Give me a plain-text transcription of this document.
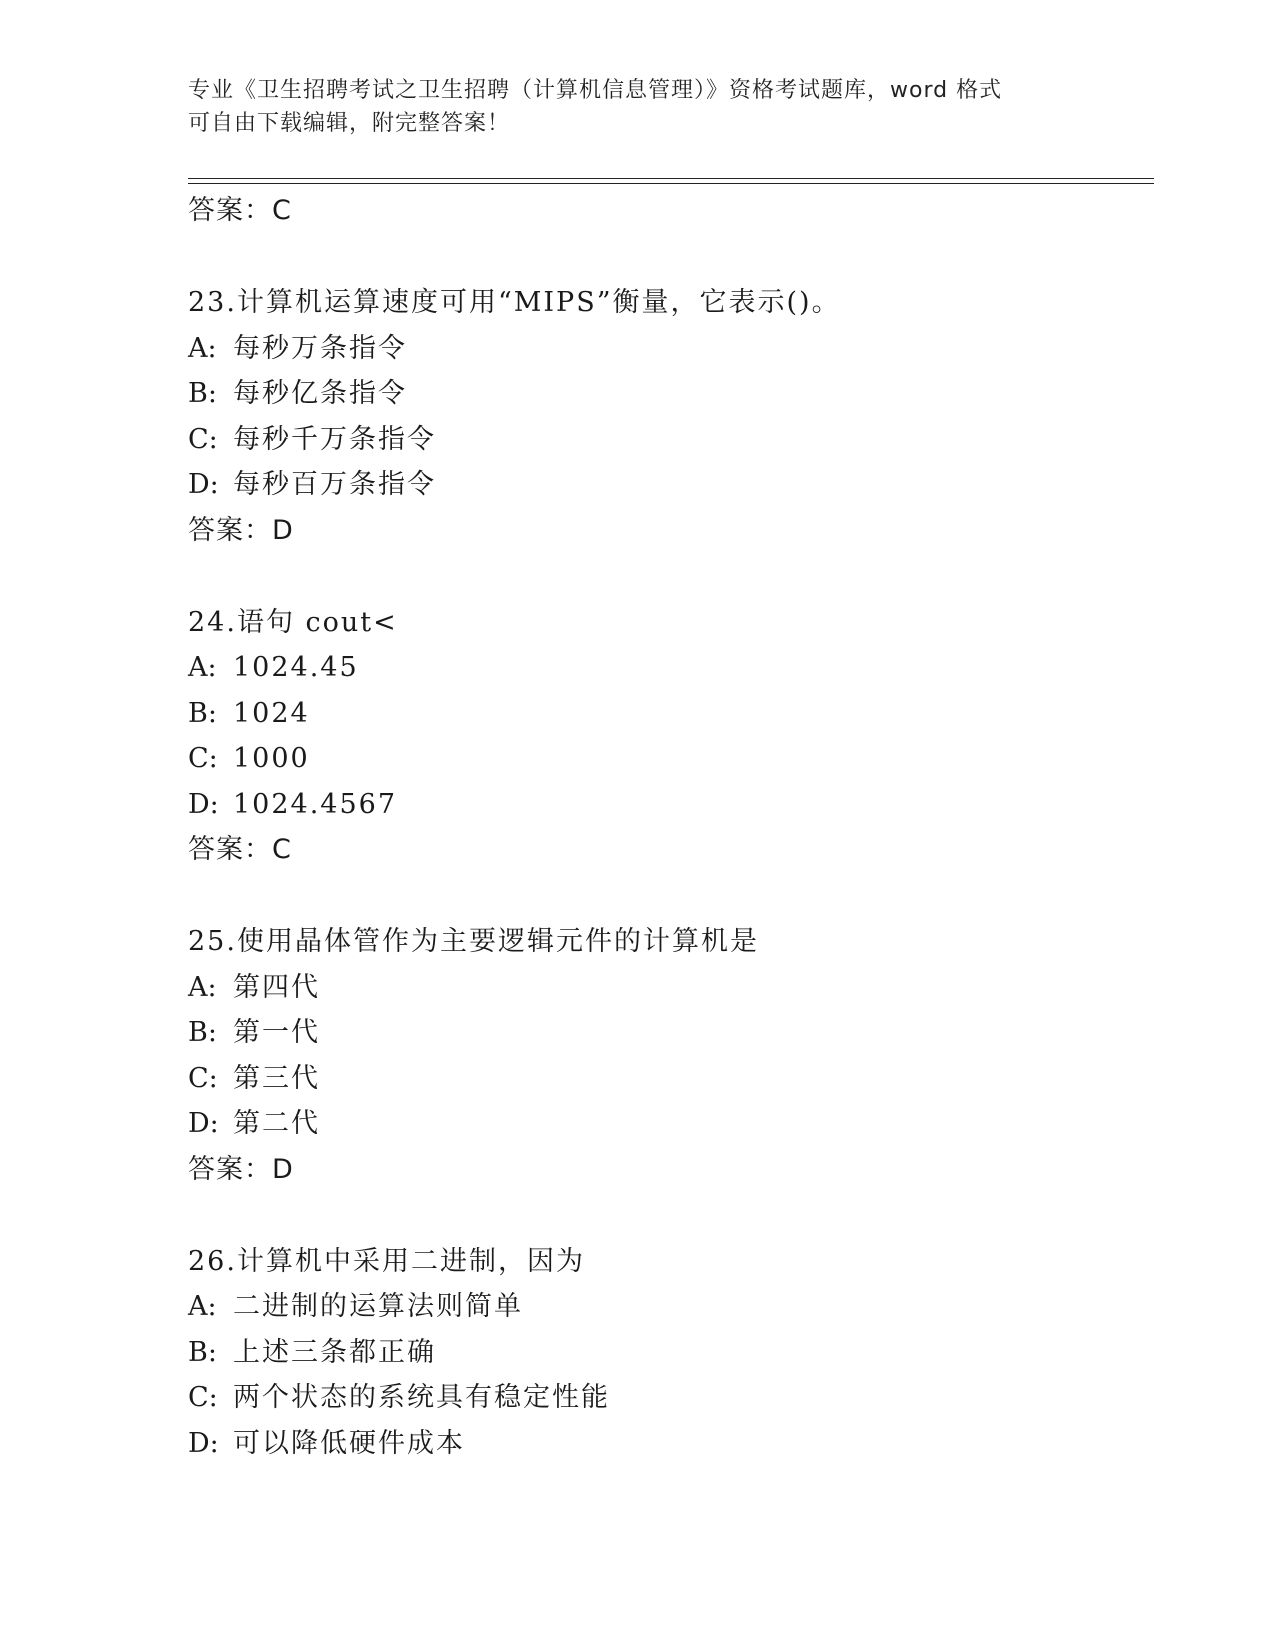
专业《卫生招聘考试之卫生招聘（计算机信息管理）》资格考试题库，word 格式

可自由下载编辑，附完整答案！

答案：C
23.计算机运算速度可用“MIPS”衡量，它表示()。
A: 每秒万条指令
B: 每秒亿条指令
C: 每秒千万条指令
D: 每秒百万条指令
答案：D
24.语句 cout<
A: 1024.45
B: 1024
C: 1000
D: 1024.4567
答案：C
25.使用晶体管作为主要逻辑元件的计算机是
A: 第四代
B: 第一代
C: 第三代
D: 第二代
答案：D
26.计算机中采用二进制，因为
A: 二进制的运算法则简单
B: 上述三条都正确
C: 两个状态的系统具有稳定性能
D: 可以降低硬件成本
